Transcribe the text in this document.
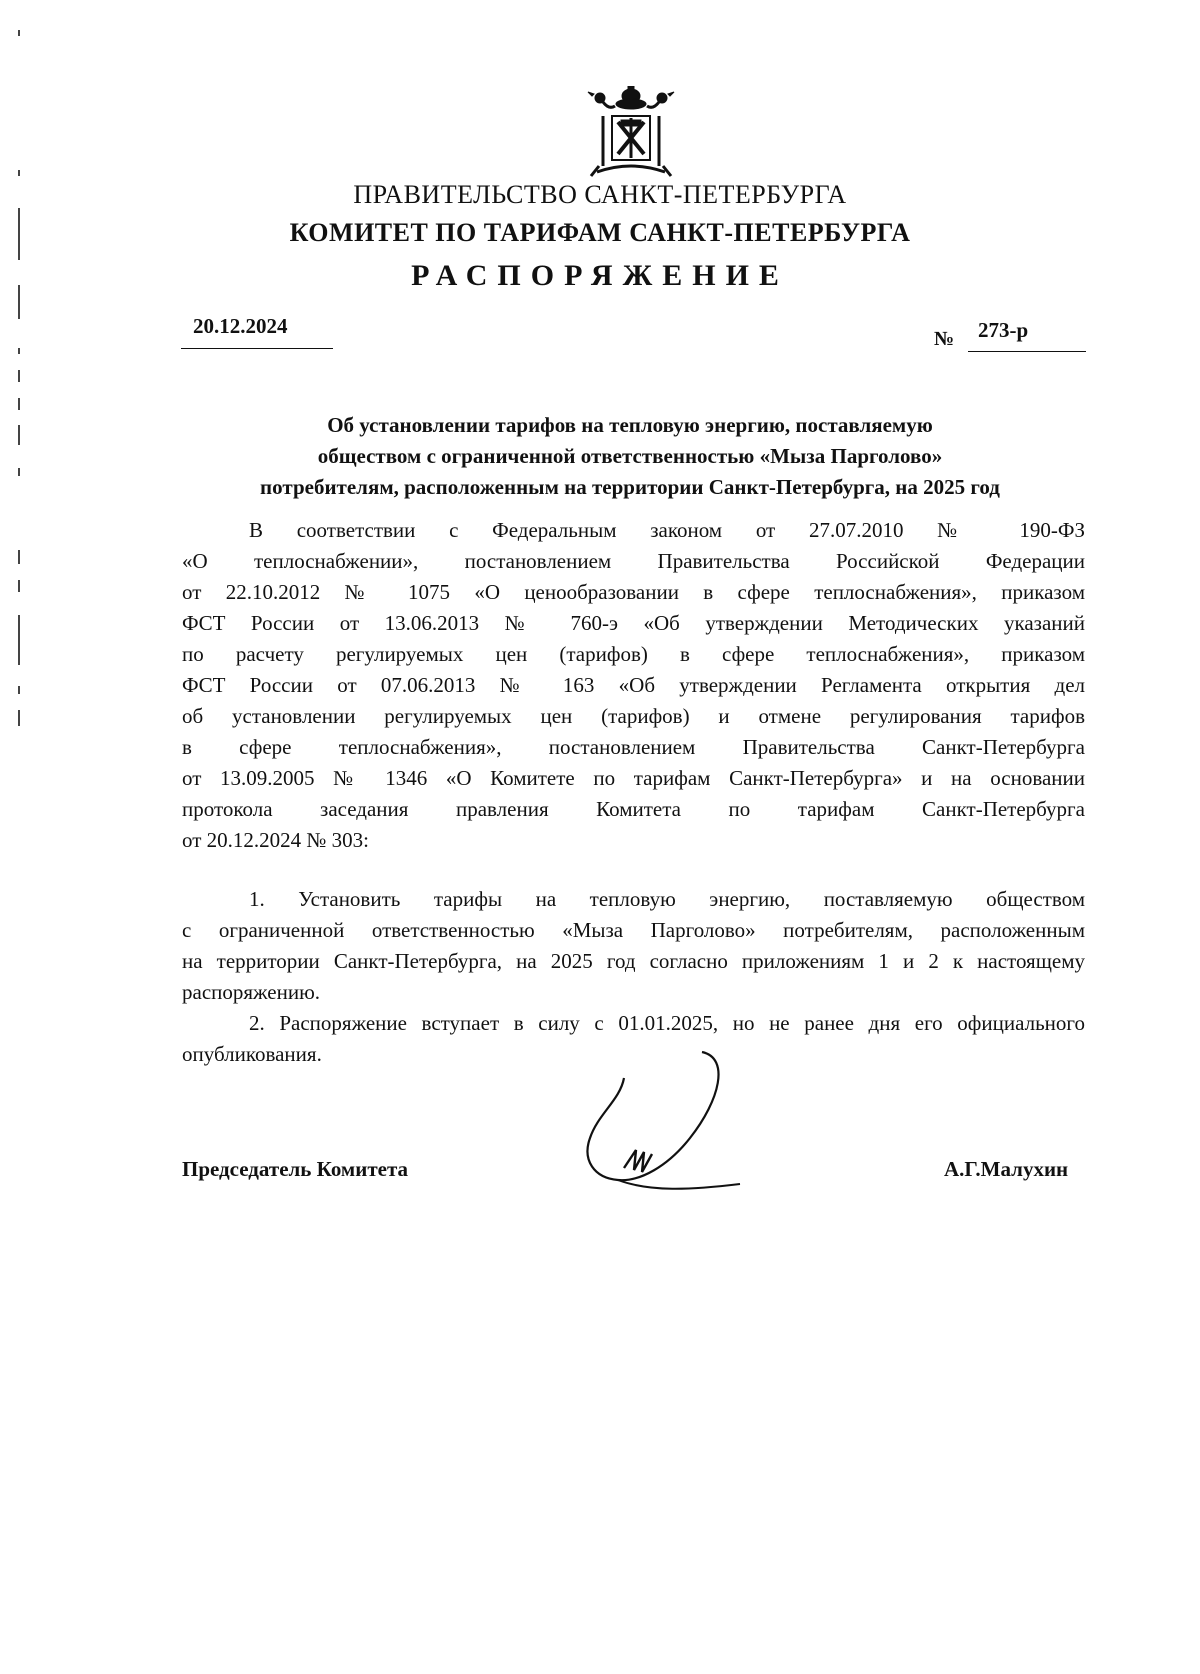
ПРАВИТЕЛЬСТВО САНКТ-ПЕТЕРБУРГА
КОМИТЕТ ПО ТАРИФАМ САНКТ-ПЕТЕРБУРГА
РАСПОРЯЖЕНИЕ
20.12.2024
№ 273-р
Об установлении тарифов на тепловую энергию, поставляемую
обществом с ограниченной ответственностью «Мыза Парголово»
потребителям, расположенным на территории Санкт-Петербурга, на 2025 год

В соответствии с Федеральным законом от 27.07.2010 № 190-ФЗ

«О теплоснабжении», постановлением Правительства Российской Федерации

от 22.10.2012 № 1075 «О ценообразовании в сфере теплоснабжения», приказом

ФСТ России от 13.06.2013 № 760-э «Об утверждении Методических указаний

по расчету регулируемых цен (тарифов) в сфере теплоснабжения», приказом

ФСТ России от 07.06.2013 № 163 «Об утверждении Регламента открытия дел

об установлении регулируемых цен (тарифов) и отмене регулирования тарифов

в сфере теплоснабжения», постановлением Правительства Санкт-Петербурга

от 13.09.2005 № 1346 «О Комитете по тарифам Санкт-Петербурга» и на основании

протокола заседания правления Комитета по тарифам Санкт-Петербурга

от 20.12.2024 № 303:

1. Установить тарифы на тепловую энергию, поставляемую обществом

с ограниченной ответственностью «Мыза Парголово» потребителям, расположенным

на территории Санкт-Петербурга, на 2025 год согласно приложениям 1 и 2 к настоящему

распоряжению.

2. Распоряжение вступает в силу с 01.01.2025, но не ранее дня его официального

опубликования.

Председатель Комитета	А.Г.Малухин
